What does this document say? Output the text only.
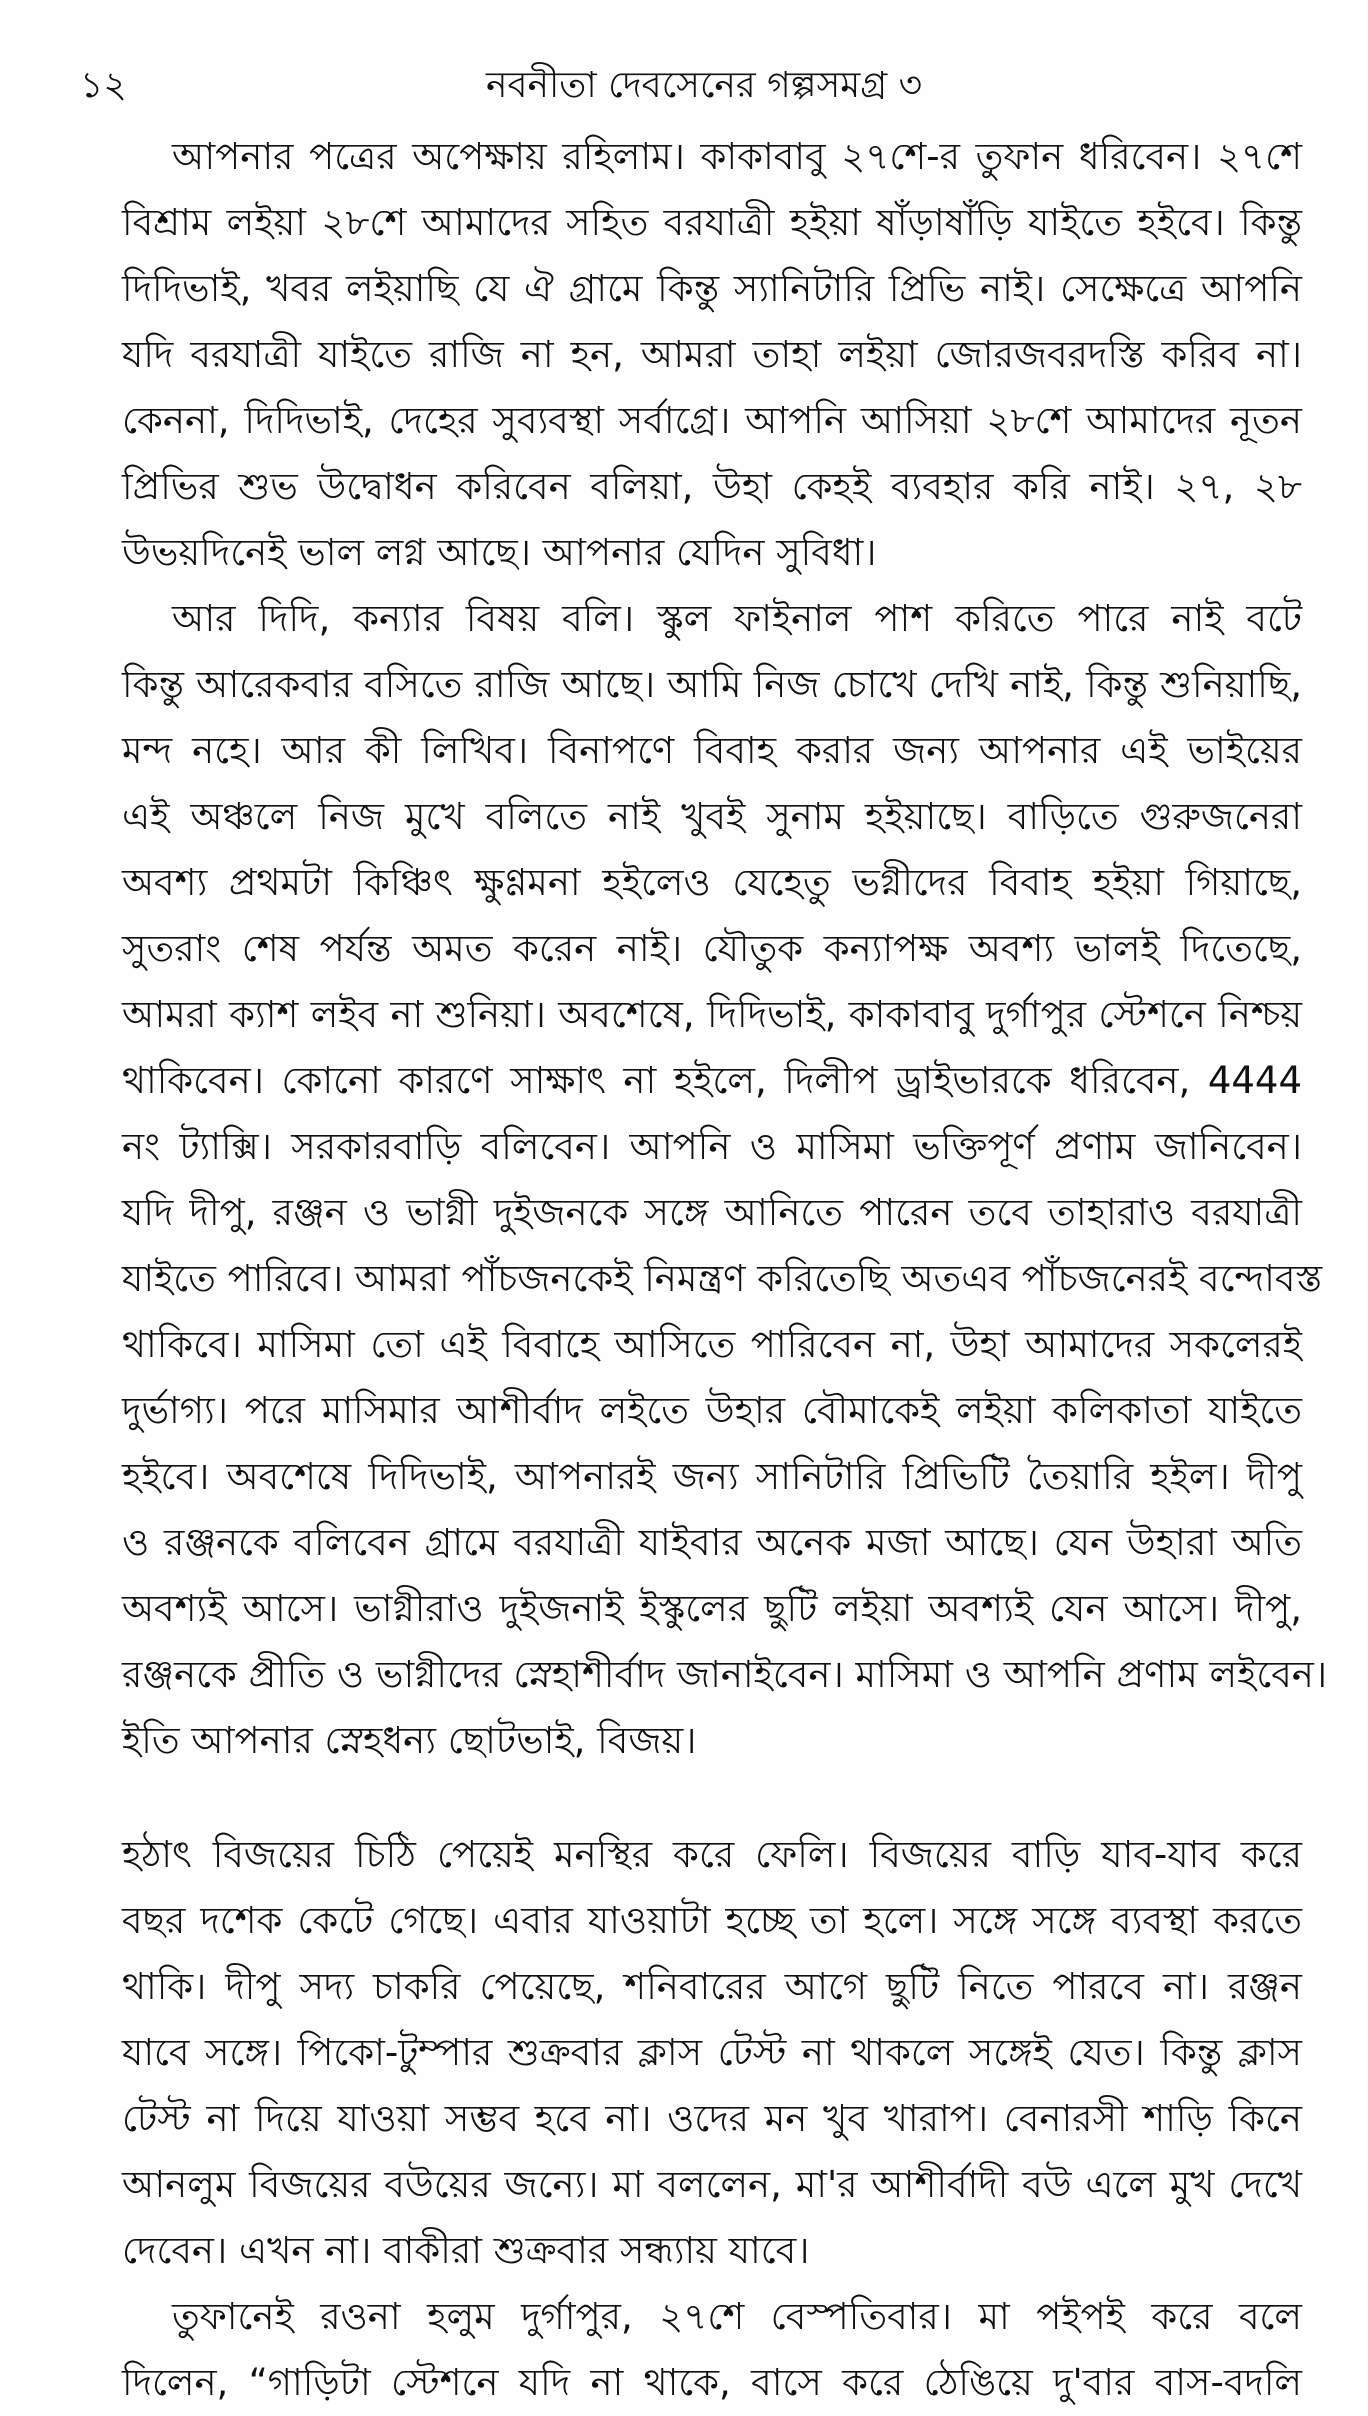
১২	নবনীতা দেবসেনের গল্পসমগ্র ৩
আপনার পত্রের অপেক্ষায় রহিলাম। কাকাবাবু ২৭শে-র তুফান ধরিবেন। ২৭শে
বিশ্রাম লইয়া ২৮শে আমাদের সহিত বরযাত্রী হইয়া ষাঁড়াষাঁড়ি যাইতে হইবে। কিন্তু
দিদিভাই, খবর লইয়াছি যে ঐ গ্রামে কিন্তু স্যানিটারি প্রিভি নাই। সেক্ষেত্রে আপনি
যদি বরযাত্রী যাইতে রাজি না হন, আমরা তাহা লইয়া জোরজবরদস্তি করিব না।
কেননা, দিদিভাই, দেহের সুব্যবস্থা সর্বাগ্রে। আপনি আসিয়া ২৮শে আমাদের নূতন
প্রিভির শুভ উদ্বোধন করিবেন বলিয়া, উহা কেহই ব্যবহার করি নাই। ২৭, ২৮
উভয়দিনেই ভাল লগ্ন আছে। আপনার যেদিন সুবিধা।
আর দিদি, কন্যার বিষয় বলি। স্কুল ফাইনাল পাশ করিতে পারে নাই বটে
কিন্তু আরেকবার বসিতে রাজি আছে। আমি নিজ চোখে দেখি নাই, কিন্তু শুনিয়াছি,
মন্দ নহে। আর কী লিখিব। বিনাপণে বিবাহ করার জন্য আপনার এই ভাইয়ের
এই অঞ্চলে নিজ মুখে বলিতে নাই খুবই সুনাম হইয়াছে। বাড়িতে গুরুজনেরা
অবশ্য প্রথমটা কিঞ্চিৎ ক্ষুণ্ণমনা হইলেও যেহেতু ভগ্নীদের বিবাহ হইয়া গিয়াছে,
সুতরাং শেষ পর্যন্ত অমত করেন নাই। যৌতুক কন্যাপক্ষ অবশ্য ভালই দিতেছে,
আমরা ক্যাশ লইব না শুনিয়া। অবশেষে, দিদিভাই, কাকাবাবু দুর্গাপুর স্টেশনে নিশ্চয়
থাকিবেন। কোনো কারণে সাক্ষাৎ না হইলে, দিলীপ ড্রাইভারকে ধরিবেন, 4444
নং ট্যাক্সি। সরকারবাড়ি বলিবেন। আপনি ও মাসিমা ভক্তিপূর্ণ প্রণাম জানিবেন।
যদি দীপু, রঞ্জন ও ভাগ্নী দুইজনকে সঙ্গে আনিতে পারেন তবে তাহারাও বরযাত্রী
যাইতে পারিবে। আমরা পাঁচজনকেই নিমন্ত্রণ করিতেছি অতএব পাঁচজনেরই বন্দোবস্ত
থাকিবে। মাসিমা তো এই বিবাহে আসিতে পারিবেন না, উহা আমাদের সকলেরই
দুর্ভাগ্য। পরে মাসিমার আশীর্বাদ লইতে উহার বৌমাকেই লইয়া কলিকাতা যাইতে
হইবে। অবশেষে দিদিভাই, আপনারই জন্য সানিটারি প্রিভিটি তৈয়ারি হইল। দীপু
ও রঞ্জনকে বলিবেন গ্রামে বরযাত্রী যাইবার অনেক মজা আছে। যেন উহারা অতি
অবশ্যই আসে। ভাগ্নীরাও দুইজনাই ইস্কুলের ছুটি লইয়া অবশ্যই যেন আসে। দীপু,
রঞ্জনকে প্রীতি ও ভাগ্নীদের স্নেহাশীর্বাদ জানাইবেন। মাসিমা ও আপনি প্রণাম লইবেন।
ইতি আপনার স্নেহধন্য ছোটভাই, বিজয়।
হঠাৎ বিজয়ের চিঠি পেয়েই মনস্থির করে ফেলি। বিজয়ের বাড়ি যাব-যাব করে
বছর দশেক কেটে গেছে। এবার যাওয়াটা হচ্ছে তা হলে। সঙ্গে সঙ্গে ব্যবস্থা করতে
থাকি। দীপু সদ্য চাকরি পেয়েছে, শনিবারের আগে ছুটি নিতে পারবে না। রঞ্জন
যাবে সঙ্গে। পিকো-টুম্পার শুক্রবার ক্লাস টেস্ট না থাকলে সঙ্গেই যেত। কিন্তু ক্লাস
টেস্ট না দিয়ে যাওয়া সম্ভব হবে না। ওদের মন খুব খারাপ। বেনারসী শাড়ি কিনে
আনলুম বিজয়ের বউয়ের জন্যে। মা বললেন, মা'র আশীর্বাদী বউ এলে মুখ দেখে
দেবেন। এখন না। বাকীরা শুক্রবার সন্ধ্যায় যাবে।
তুফানেই রওনা হলুম দুর্গাপুর, ২৭শে বেস্পতিবার। মা পইপই করে বলে
দিলেন, “গাড়িটা স্টেশনে যদি না থাকে, বাসে করে ঠেঙিয়ে দু'বার বাস-বদলি
